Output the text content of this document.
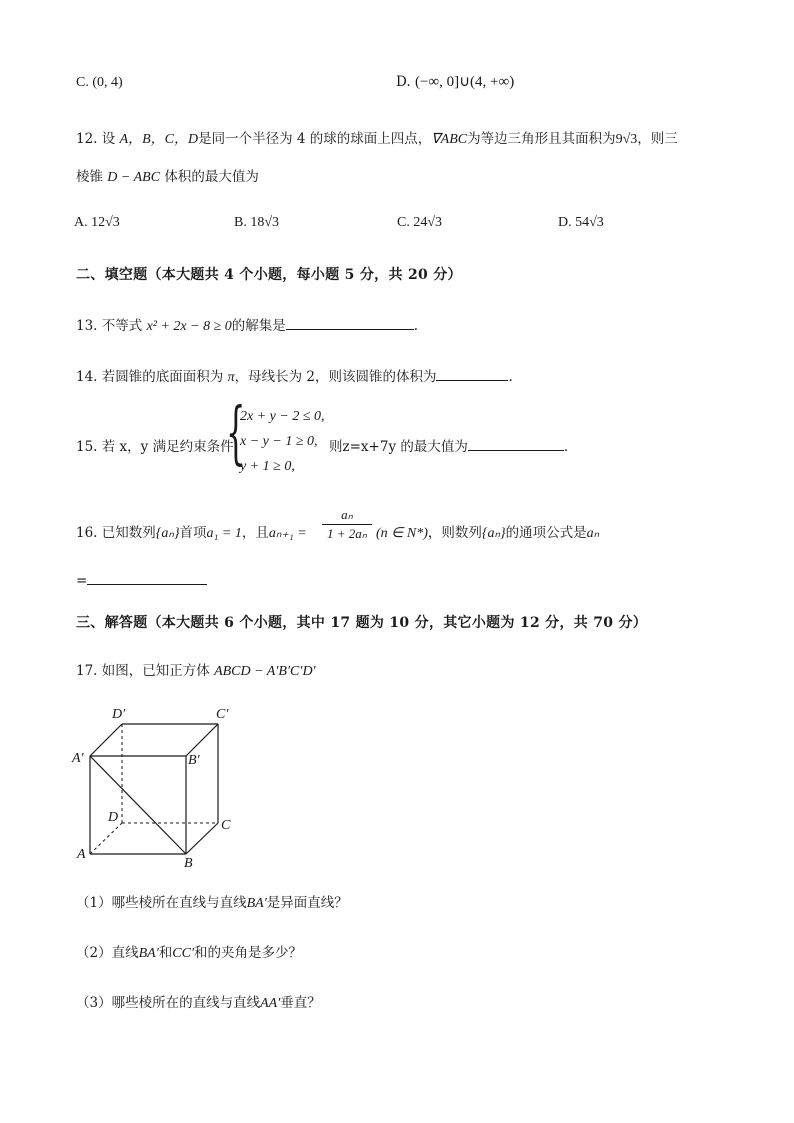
C. (0, 4)	D. (−∞, 0]∪(4, +∞)
12. 设 A，B，C，D是同一个半径为 4 的球的球面上四点，∇ABC为等边三角形且其面积为9√3，则三
棱锥 D − ABC 体积的最大值为
A. 12√3	B. 18√3	C. 24√3	D. 54√3
二、填空题（本大题共 4 个小题，每小题 5 分，共 20 分）
13. 不等式 x² + 2x − 8 ≥ 0的解集是	.
14. 若圆锥的底面面积为 π，母线长为 2，则该圆锥的体积为	.
15. 若 x，y 满足约束条件
{
2x + y − 2 ≤ 0,
x − y − 1 ≥ 0,
y + 1 ≥ 0,
则z=x+7y 的最大值为	.
16. 已知数列{aₙ}首项a₁ = 1，且aₙ₊₁ =
aₙ
1 + 2aₙ (n ∈ N*)，则数列{aₙ}的通项公式是aₙ
=
三、解答题（本大题共 6 个小题，其中 17 题为 10 分，其它小题为 12 分，共 70 分）
17. 如图，已知正方体 ABCD − A′B′C′D′
D′	C′
A′	B′
D
C
A
B
（1）哪些棱所在直线与直线BA′是异面直线？
（2）直线BA′和CC′和的夹角是多少？
（3）哪些棱所在的直线与直线AA′垂直？
